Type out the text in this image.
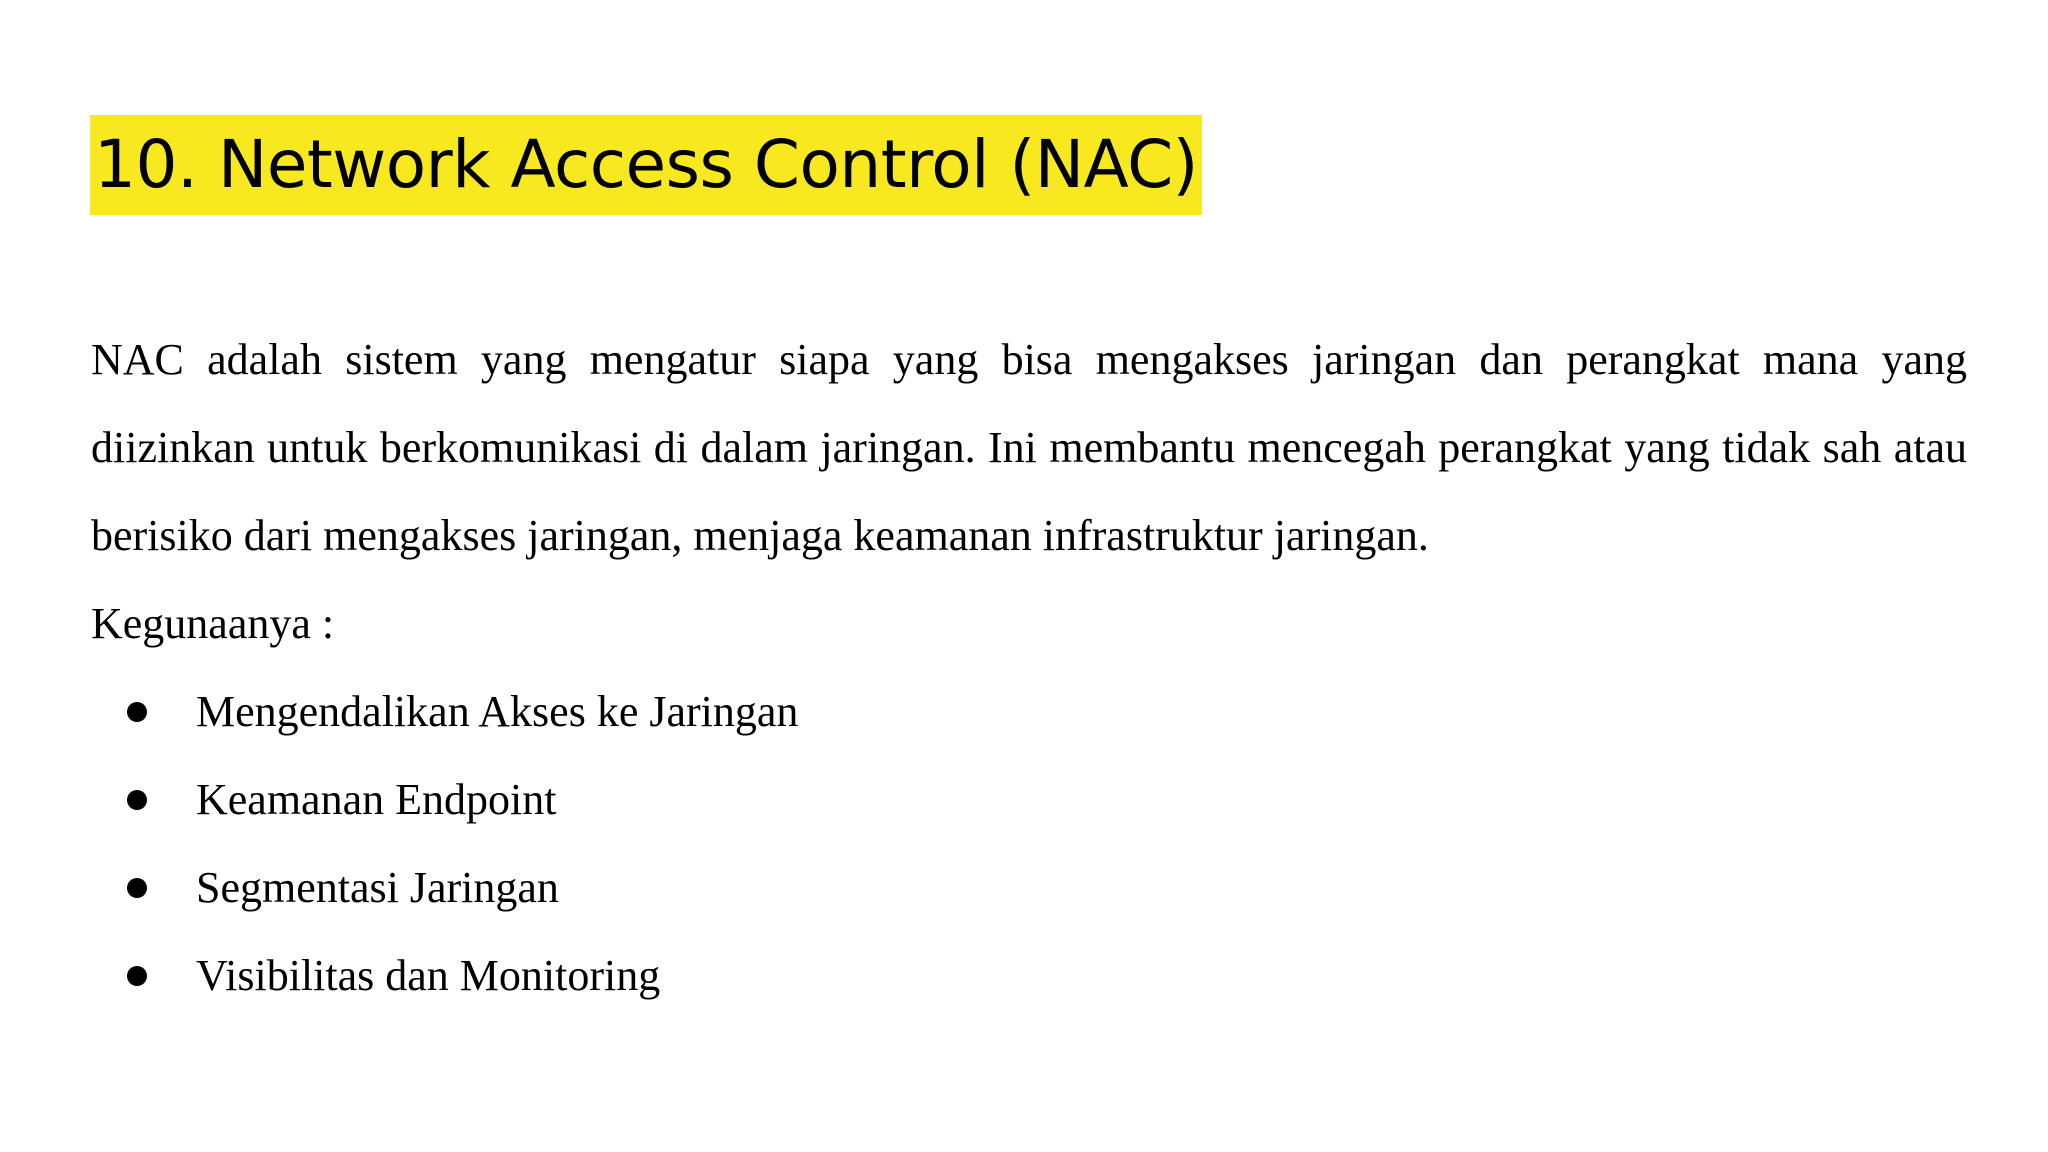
10. Network Access Control (NAC)

NAC adalah sistem yang mengatur siapa yang bisa mengakses jaringan dan perangkat mana yang diizinkan untuk berkomunikasi di dalam jaringan. Ini membantu mencegah perangkat yang tidak sah atau berisiko dari mengakses jaringan, menjaga keamanan infrastruktur jaringan.

Kegunaanya :

Mengendalikan Akses ke Jaringan
Keamanan Endpoint
Segmentasi Jaringan
Visibilitas dan Monitoring
